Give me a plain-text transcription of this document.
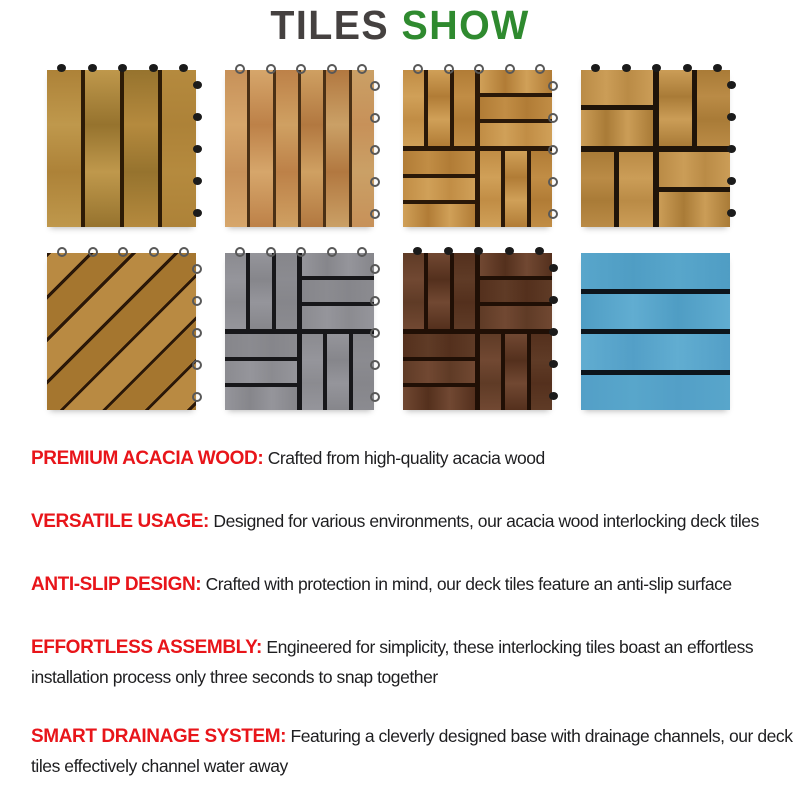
TILES SHOW

PREMIUM ACACIA WOOD: Crafted from high-quality acacia wood

VERSATILE USAGE: Designed for various environments, our acacia wood interlocking deck tiles

ANTI-SLIP DESIGN: Crafted with protection in mind, our deck tiles feature an anti-slip surface

EFFORTLESS ASSEMBLY: Engineered for simplicity, these interlocking tiles boast an effortless
installation process only three seconds to snap together

SMART DRAINAGE SYSTEM: Featuring a cleverly designed base with drainage channels, our deck
tiles effectively channel water away
